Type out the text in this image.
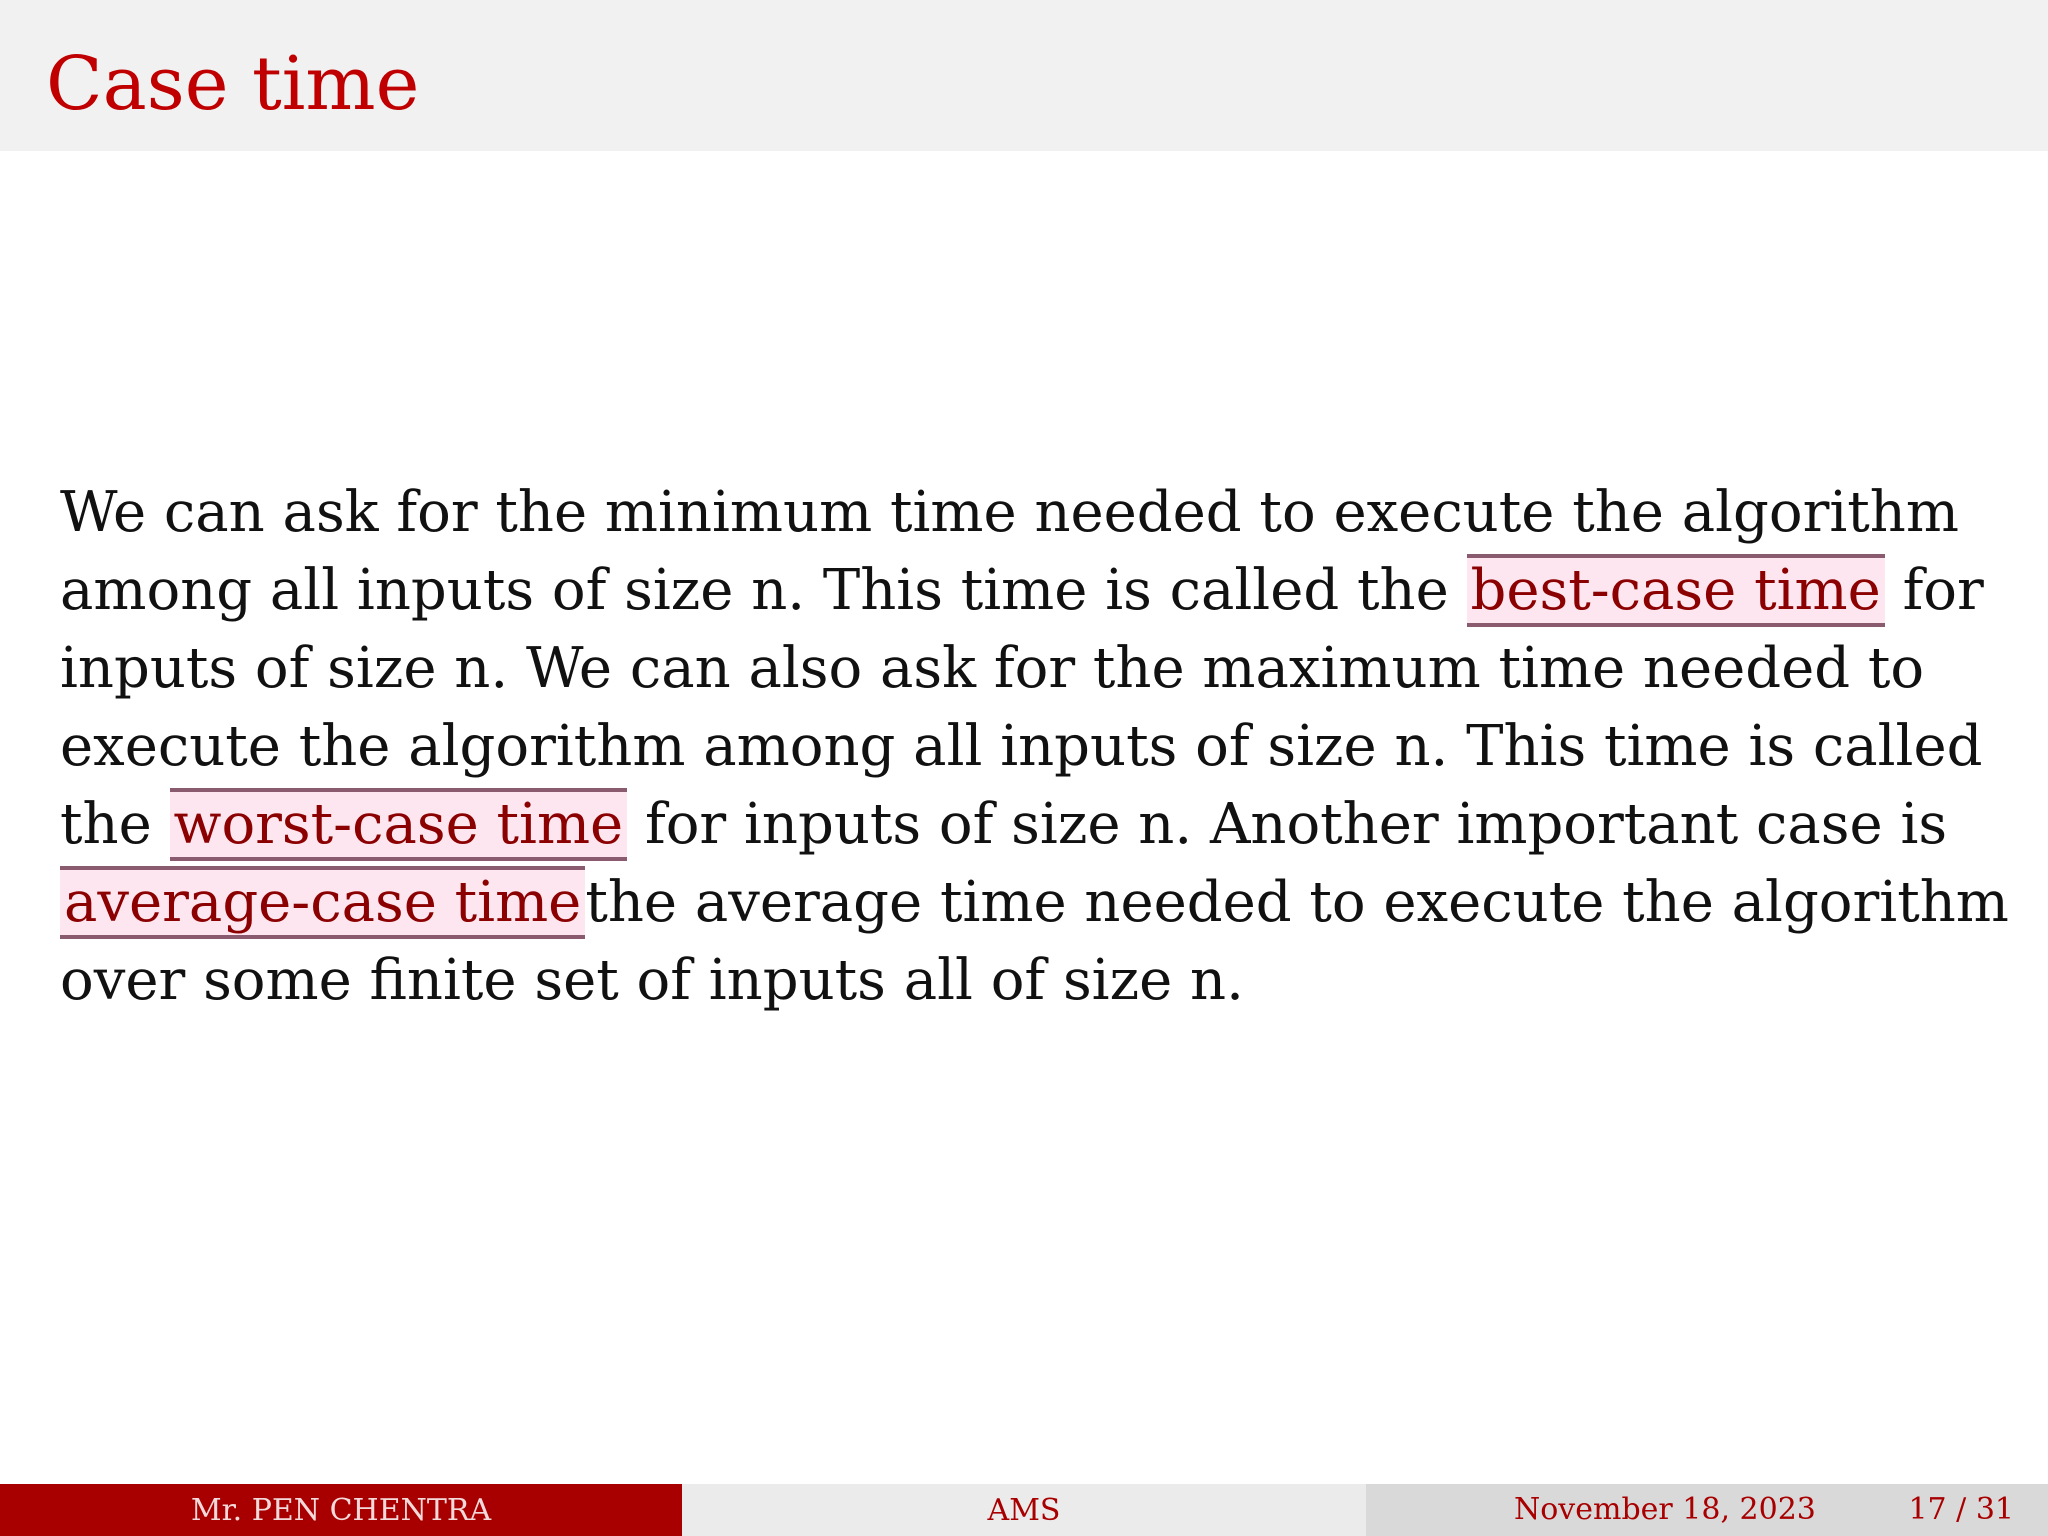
Case time

We can ask for the minimum time needed to execute the algorithm among all inputs of size n. This time is called the best-case time for inputs of size n. We can also ask for the maximum time needed to execute the algorithm among all inputs of size n. This time is called the worst-case time for inputs of size n. Another important case is average-case timethe average time needed to execute the algorithm over some finite set of inputs all of size n.

Mr. PEN CHENTRA	AMS	November 18, 2023	17 / 31
